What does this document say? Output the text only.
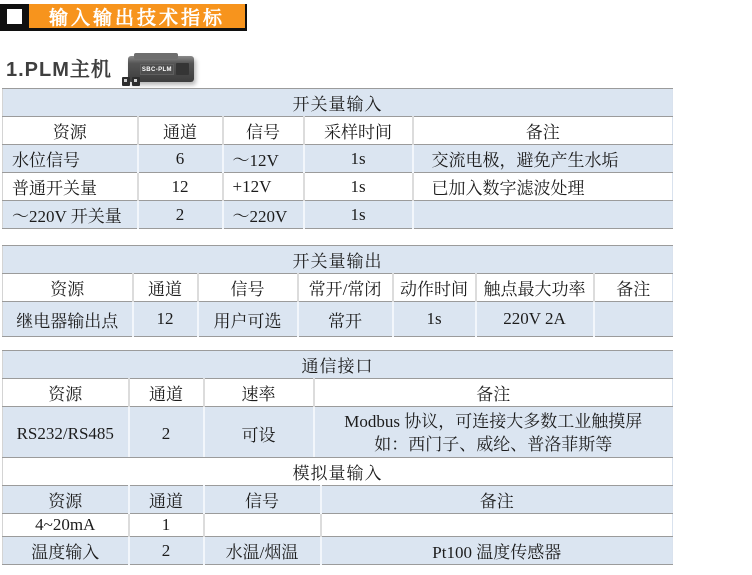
输入输出技术指标
1.PLM主机	SBC-PLM
开关量输入				
资源	通道	信号	采样时间	备注
水位信号	6	～12V	1s	交流电极，避免产生水垢
普通开关量	12	+12V	1s	已加入数字滤波处理
～220V 开关量	2	～220V	1s	
开关量输出						
资源	通道	信号	常开/常闭	动作时间	触点最大功率	备注
继电器输出点	12	用户可选	常开	1s	220V 2A	
通信接口			
资源	通道	速率	备注
RS232/RS485	2	可设	Modbus 协议，可连接大多数工业触摸屏
如：西门子、威纶、普洛菲斯等
模拟量输入			
资源	通道	信号	备注
4~20mA	1		
温度输入	2	水温/烟温	Pt100 温度传感器
